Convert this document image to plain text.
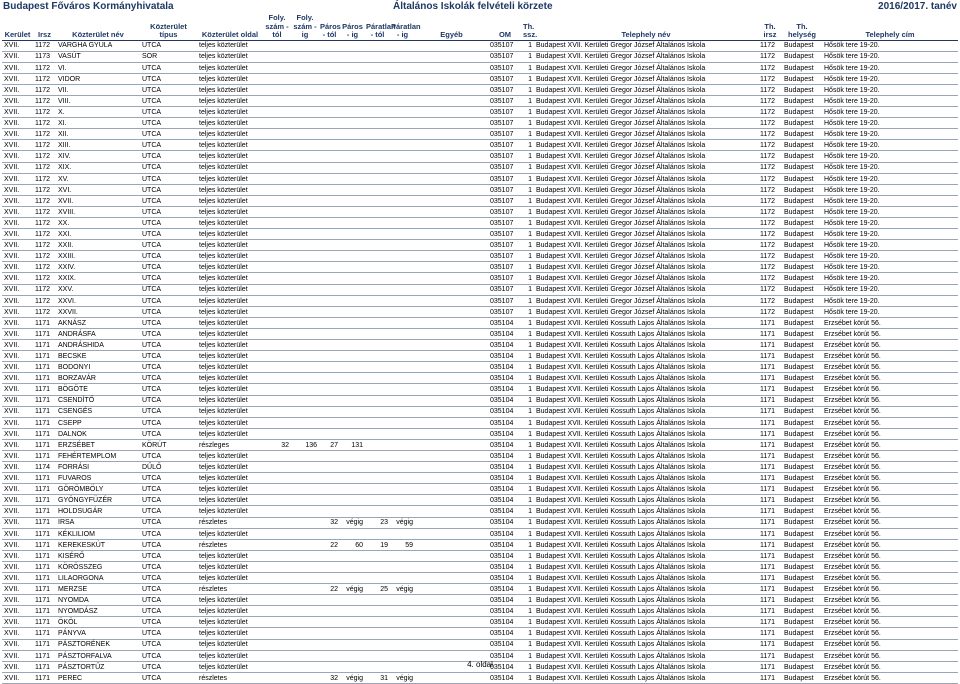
Budapest Főváros Kormányhivatala	Általános Iskolák felvételi körzete	2016/2017. tanév
Kerület	Irsz	Közterület név	Közterület típus	Közterület oldal	Foly. szám -tól	Foly. szám -ig	Páros - tól	Páros - ig	Páratlan - tól	Páratlan - ig	Egyéb	OM	Th. ssz.	Telephely név	Th. irsz	Th. helység	Telephely cím
XVII.	1172	VARGHA GYULA	UTCA	teljes közterület								035107	1	Budapest XVII. Kerületi Gregor József Általános Iskola	1172	Budapest	Hősök tere 19-20.
XVII.	1173	VASÚT	SOR	teljes közterület								035107	1	Budapest XVII. Kerületi Gregor József Általános Iskola	1172	Budapest	Hősök tere 19-20.
XVII.	1172	VI.	UTCA	teljes közterület								035107	1	Budapest XVII. Kerületi Gregor József Általános Iskola	1172	Budapest	Hősök tere 19-20.
XVII.	1172	VIDOR	UTCA	teljes közterület								035107	1	Budapest XVII. Kerületi Gregor József Általános Iskola	1172	Budapest	Hősök tere 19-20.
XVII.	1172	VII.	UTCA	teljes közterület								035107	1	Budapest XVII. Kerületi Gregor József Általános Iskola	1172	Budapest	Hősök tere 19-20.
XVII.	1172	VIII.	UTCA	teljes közterület								035107	1	Budapest XVII. Kerületi Gregor József Általános Iskola	1172	Budapest	Hősök tere 19-20.
XVII.	1172	X.	UTCA	teljes közterület								035107	1	Budapest XVII. Kerületi Gregor József Általános Iskola	1172	Budapest	Hősök tere 19-20.
XVII.	1172	XI.	UTCA	teljes közterület								035107	1	Budapest XVII. Kerületi Gregor József Általános Iskola	1172	Budapest	Hősök tere 19-20.
XVII.	1172	XII.	UTCA	teljes közterület								035107	1	Budapest XVII. Kerületi Gregor József Általános Iskola	1172	Budapest	Hősök tere 19-20.
XVII.	1172	XIII.	UTCA	teljes közterület								035107	1	Budapest XVII. Kerületi Gregor József Általános Iskola	1172	Budapest	Hősök tere 19-20.
XVII.	1172	XIV.	UTCA	teljes közterület								035107	1	Budapest XVII. Kerületi Gregor József Általános Iskola	1172	Budapest	Hősök tere 19-20.
XVII.	1172	XIX.	UTCA	teljes közterület								035107	1	Budapest XVII. Kerületi Gregor József Általános Iskola	1172	Budapest	Hősök tere 19-20.
XVII.	1172	XV.	UTCA	teljes közterület								035107	1	Budapest XVII. Kerületi Gregor József Általános Iskola	1172	Budapest	Hősök tere 19-20.
XVII.	1172	XVI.	UTCA	teljes közterület								035107	1	Budapest XVII. Kerületi Gregor József Általános Iskola	1172	Budapest	Hősök tere 19-20.
XVII.	1172	XVII.	UTCA	teljes közterület								035107	1	Budapest XVII. Kerületi Gregor József Általános Iskola	1172	Budapest	Hősök tere 19-20.
XVII.	1172	XVIII.	UTCA	teljes közterület								035107	1	Budapest XVII. Kerületi Gregor József Általános Iskola	1172	Budapest	Hősök tere 19-20.
XVII.	1172	XX.	UTCA	teljes közterület								035107	1	Budapest XVII. Kerületi Gregor József Általános Iskola	1172	Budapest	Hősök tere 19-20.
XVII.	1172	XXI.	UTCA	teljes közterület								035107	1	Budapest XVII. Kerületi Gregor József Általános Iskola	1172	Budapest	Hősök tere 19-20.
XVII.	1172	XXII.	UTCA	teljes közterület								035107	1	Budapest XVII. Kerületi Gregor József Általános Iskola	1172	Budapest	Hősök tere 19-20.
XVII.	1172	XXIII.	UTCA	teljes közterület								035107	1	Budapest XVII. Kerületi Gregor József Általános Iskola	1172	Budapest	Hősök tere 19-20.
XVII.	1172	XXIV.	UTCA	teljes közterület								035107	1	Budapest XVII. Kerületi Gregor József Általános Iskola	1172	Budapest	Hősök tere 19-20.
XVII.	1172	XXIX.	UTCA	teljes közterület								035107	1	Budapest XVII. Kerületi Gregor József Általános Iskola	1172	Budapest	Hősök tere 19-20.
XVII.	1172	XXV.	UTCA	teljes közterület								035107	1	Budapest XVII. Kerületi Gregor József Általános Iskola	1172	Budapest	Hősök tere 19-20.
XVII.	1172	XXVI.	UTCA	teljes közterület								035107	1	Budapest XVII. Kerületi Gregor József Általános Iskola	1172	Budapest	Hősök tere 19-20.
XVII.	1172	XXVII.	UTCA	teljes közterület								035107	1	Budapest XVII. Kerületi Gregor József Általános Iskola	1172	Budapest	Hősök tere 19-20.
XVII.	1171	AKNÁSZ	UTCA	teljes közterület								035104	1	Budapest XVII. Kerületi Kossuth Lajos Általános Iskola	1171	Budapest	Erzsébet körút 56.
XVII.	1171	ANDRÁSFA	UTCA	teljes közterület								035104	1	Budapest XVII. Kerületi Kossuth Lajos Általános Iskola	1171	Budapest	Erzsébet körút 56.
XVII.	1171	ANDRÁSHIDA	UTCA	teljes közterület								035104	1	Budapest XVII. Kerületi Kossuth Lajos Általános Iskola	1171	Budapest	Erzsébet körút 56.
XVII.	1171	BECSKE	UTCA	teljes közterület								035104	1	Budapest XVII. Kerületi Kossuth Lajos Általános Iskola	1171	Budapest	Erzsébet körút 56.
XVII.	1171	BODONYI	UTCA	teljes közterület								035104	1	Budapest XVII. Kerületi Kossuth Lajos Általános Iskola	1171	Budapest	Erzsébet körút 56.
XVII.	1171	BORZAVÁR	UTCA	teljes közterület								035104	1	Budapest XVII. Kerületi Kossuth Lajos Általános Iskola	1171	Budapest	Erzsébet körút 56.
XVII.	1171	BÖGÖTE	UTCA	teljes közterület								035104	1	Budapest XVII. Kerületi Kossuth Lajos Általános Iskola	1171	Budapest	Erzsébet körút 56.
XVII.	1171	CSENDÍTŐ	UTCA	teljes közterület								035104	1	Budapest XVII. Kerületi Kossuth Lajos Általános Iskola	1171	Budapest	Erzsébet körút 56.
XVII.	1171	CSENGÉS	UTCA	teljes közterület								035104	1	Budapest XVII. Kerületi Kossuth Lajos Általános Iskola	1171	Budapest	Erzsébet körút 56.
XVII.	1171	CSEPP	UTCA	teljes közterület								035104	1	Budapest XVII. Kerületi Kossuth Lajos Általános Iskola	1171	Budapest	Erzsébet körút 56.
XVII.	1171	DALNOK	UTCA	teljes közterület								035104	1	Budapest XVII. Kerületi Kossuth Lajos Általános Iskola	1171	Budapest	Erzsébet körút 56.
XVII.	1171	ERZSÉBET	KÖRÚT	részleges	32	136	27	131				035104	1	Budapest XVII. Kerületi Kossuth Lajos Általános Iskola	1171	Budapest	Erzsébet körút 56.
XVII.	1171	FEHÉRTEMPLOM	UTCA	teljes közterület								035104	1	Budapest XVII. Kerületi Kossuth Lajos Általános Iskola	1171	Budapest	Erzsébet körút 56.
XVII.	1174	FORRÁSI	DŰLŐ	teljes közterület								035104	1	Budapest XVII. Kerületi Kossuth Lajos Általános Iskola	1171	Budapest	Erzsébet körút 56.
XVII.	1171	FUVAROS	UTCA	teljes közterület								035104	1	Budapest XVII. Kerületi Kossuth Lajos Általános Iskola	1171	Budapest	Erzsébet körút 56.
XVII.	1171	GÖRÖMBÖLY	UTCA	teljes közterület								035104	1	Budapest XVII. Kerületi Kossuth Lajos Általános Iskola	1171	Budapest	Erzsébet körút 56.
XVII.	1171	GYÖNGYFÜZÉR	UTCA	teljes közterület								035104	1	Budapest XVII. Kerületi Kossuth Lajos Általános Iskola	1171	Budapest	Erzsébet körút 56.
XVII.	1171	HOLDSUGÁR	UTCA	teljes közterület								035104	1	Budapest XVII. Kerületi Kossuth Lajos Általános Iskola	1171	Budapest	Erzsébet körút 56.
XVII.	1171	IRSA	UTCA	részletes			32	végig	23	végig		035104	1	Budapest XVII. Kerületi Kossuth Lajos Általános Iskola	1171	Budapest	Erzsébet körút 56.
XVII.	1171	KÉKLILIOM	UTCA	teljes közterület								035104	1	Budapest XVII. Kerületi Kossuth Lajos Általános Iskola	1171	Budapest	Erzsébet körút 56.
XVII.	1171	KEREKESKÚT	UTCA	részletes			22	60	19	59		035104	1	Budapest XVII. Kerületi Kossuth Lajos Általános Iskola	1171	Budapest	Erzsébet körút 56.
XVII.	1171	KISÉRŐ	UTCA	teljes közterület								035104	1	Budapest XVII. Kerületi Kossuth Lajos Általános Iskola	1171	Budapest	Erzsébet körút 56.
XVII.	1171	KÖRÖSSZEG	UTCA	teljes közterület								035104	1	Budapest XVII. Kerületi Kossuth Lajos Általános Iskola	1171	Budapest	Erzsébet körút 56.
XVII.	1171	LILAORGONA	UTCA	teljes közterület								035104	1	Budapest XVII. Kerületi Kossuth Lajos Általános Iskola	1171	Budapest	Erzsébet körút 56.
XVII.	1171	MERZSE	UTCA	részletes			22	végig	25	végig		035104	1	Budapest XVII. Kerületi Kossuth Lajos Általános Iskola	1171	Budapest	Erzsébet körút 56.
XVII.	1171	NYOMDA	UTCA	teljes közterület								035104	1	Budapest XVII. Kerületi Kossuth Lajos Általános Iskola	1171	Budapest	Erzsébet körút 56.
XVII.	1171	NYOMDÁSZ	UTCA	teljes közterület								035104	1	Budapest XVII. Kerületi Kossuth Lajos Általános Iskola	1171	Budapest	Erzsébet körút 56.
XVII.	1171	ÖKÖL	UTCA	teljes közterület								035104	1	Budapest XVII. Kerületi Kossuth Lajos Általános Iskola	1171	Budapest	Erzsébet körút 56.
XVII.	1171	PÁNYVA	UTCA	teljes közterület								035104	1	Budapest XVII. Kerületi Kossuth Lajos Általános Iskola	1171	Budapest	Erzsébet körút 56.
XVII.	1171	PÁSZTORÉNEK	UTCA	teljes közterület								035104	1	Budapest XVII. Kerületi Kossuth Lajos Általános Iskola	1171	Budapest	Erzsébet körút 56.
XVII.	1171	PÁSZTORFALVA	UTCA	teljes közterület								035104	1	Budapest XVII. Kerületi Kossuth Lajos Általános Iskola	1171	Budapest	Erzsébet körút 56.
XVII.	1171	PÁSZTORTŰZ	UTCA	teljes közterület								035104	1	Budapest XVII. Kerületi Kossuth Lajos Általános Iskola	1171	Budapest	Erzsébet körút 56.
XVII.	1171	PEREC	UTCA	részletes			32	végig	31	végig		035104	1	Budapest XVII. Kerületi Kossuth Lajos Általános Iskola	1171	Budapest	Erzsébet körút 56.
4. oldal
